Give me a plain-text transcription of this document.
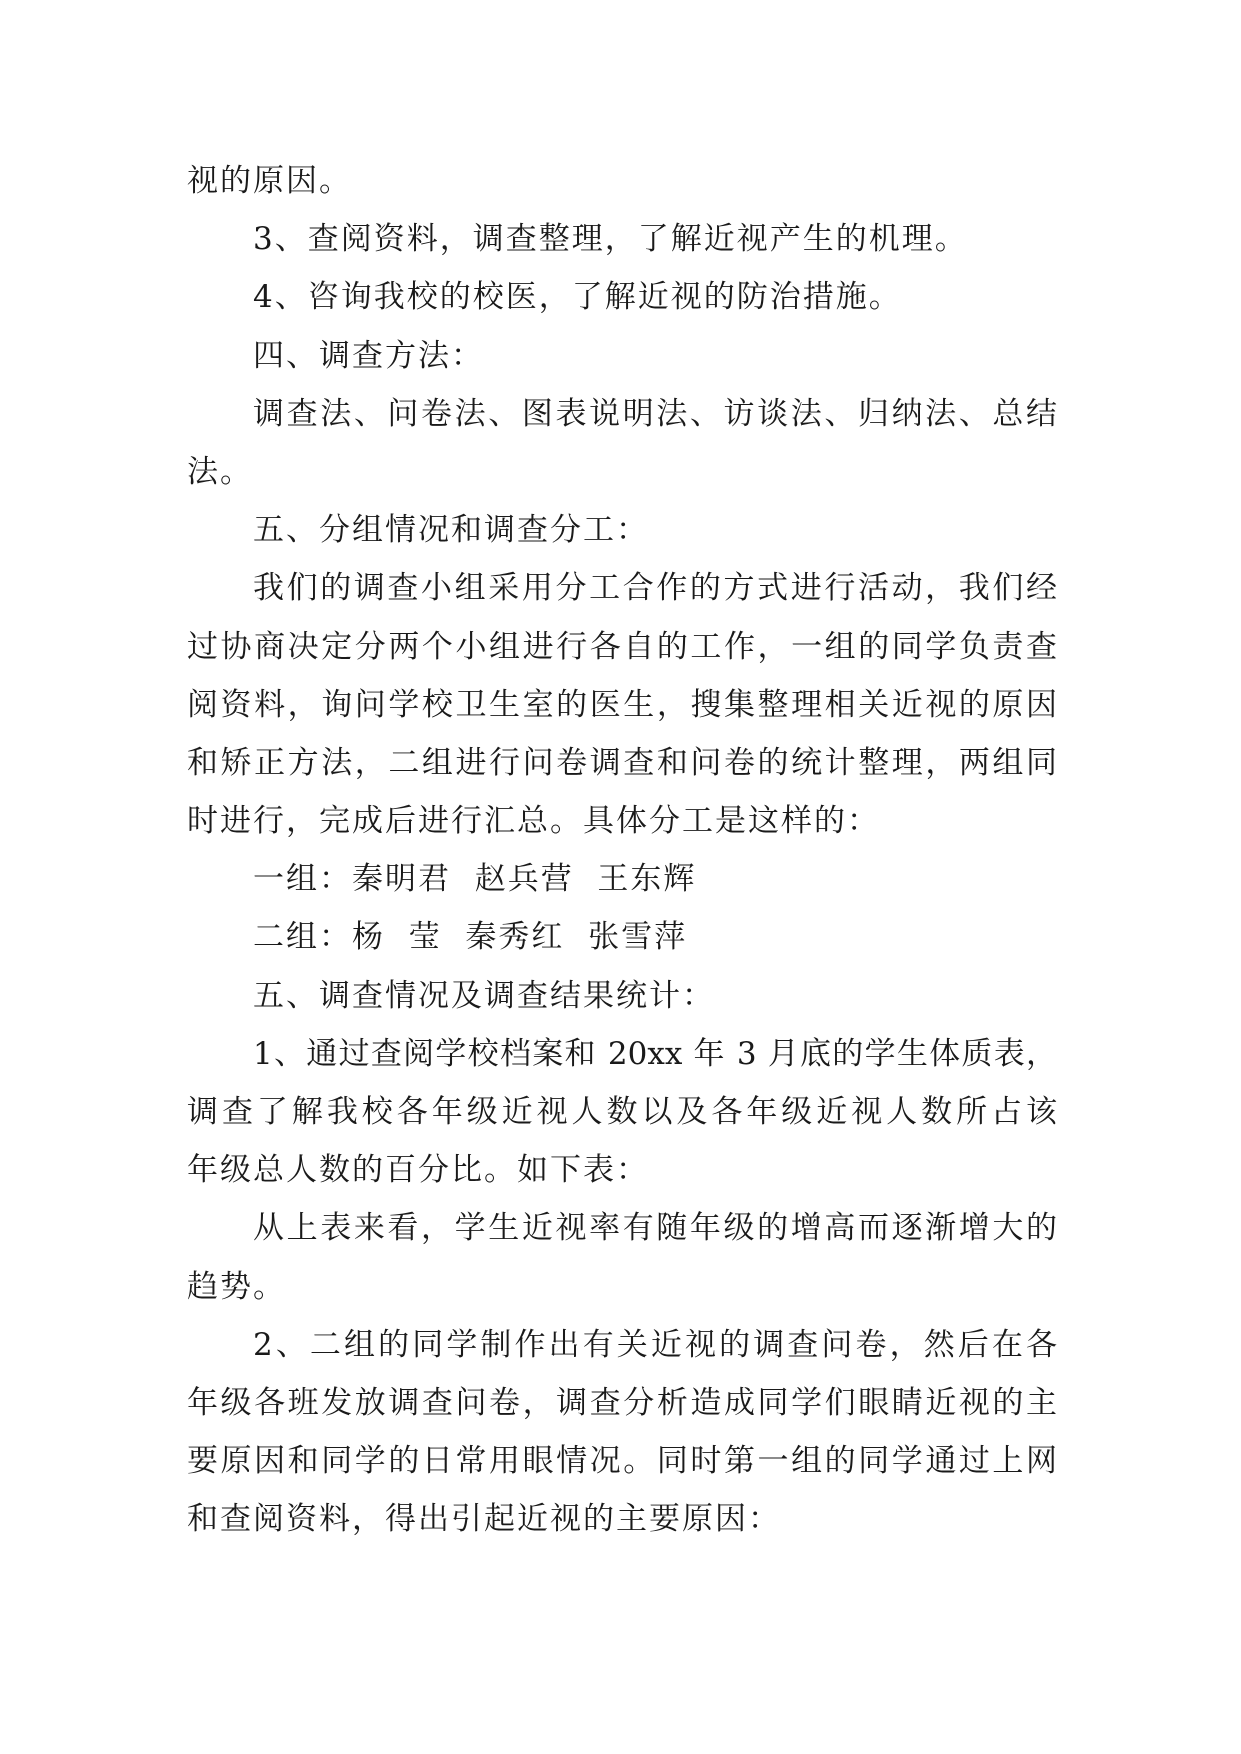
视的原因。
3、查阅资料，调查整理，了解近视产生的机理。
4、咨询我校的校医，了解近视的防治措施。
四、调查方法：
调查法、问卷法、图表说明法、访谈法、归纳法、总结
法。
五、分组情况和调查分工：
我们的调查小组采用分工合作的方式进行活动，我们经
过协商决定分两个小组进行各自的工作，一组的同学负责查
阅资料，询问学校卫生室的医生，搜集整理相关近视的原因
和矫正方法，二组进行问卷调查和问卷的统计整理，两组同
时进行，完成后进行汇总。具体分工是这样的：
一组：秦明君  赵兵营  王东辉
二组：杨  莹  秦秀红  张雪萍
五、调查情况及调查结果统计：
1、通过查阅学校档案和 20xx 年 3 月底的学生体质表，
调查了解我校各年级近视人数以及各年级近视人数所占该
年级总人数的百分比。如下表：
从上表来看，学生近视率有随年级的增高而逐渐增大的
趋势。
2、二组的同学制作出有关近视的调查问卷，然后在各
年级各班发放调查问卷，调查分析造成同学们眼睛近视的主
要原因和同学的日常用眼情况。同时第一组的同学通过上网
和查阅资料，得出引起近视的主要原因：
